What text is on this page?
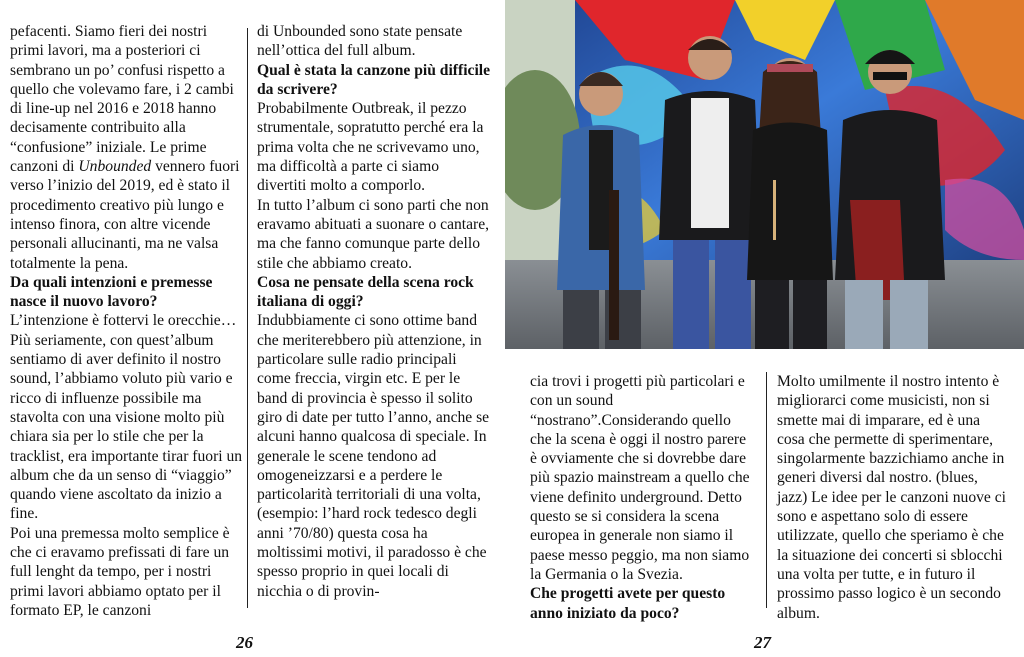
pefacenti. Siamo fieri dei nostri primi lavori, ma a posteriori ci sembrano un po’ confusi rispetto a quello che volevamo fare, i 2 cambi di line-up nel 2016 e 2018 hanno decisamente contribuito alla “confusione” iniziale. Le prime canzoni di Unbounded vennero fuori verso l’inizio del 2019, ed è stato il procedimento creativo più lungo e intenso finora, con altre vicende personali allucinanti, ma ne valsa totalmente la pena.

Da quali intenzioni e premesse nasce il nuovo lavoro?

L’intenzione è fottervi le orecchie… Più seriamente, con quest’album sentiamo di aver definito il nostro sound, l’abbiamo voluto più vario e ricco di influenze possibile ma stavolta con una visione molto più chiara sia per lo stile che per la tracklist, era importante tirar fuori un album che da un senso di “viaggio” quando viene ascoltato da inizio a fine.

Poi una premessa molto semplice è che ci eravamo prefissati di fare un full lenght da tempo, per i nostri primi lavori abbiamo optato per il formato EP, le canzoni

di Unbounded sono state pensate nell’ottica del full album.

Qual è stata la canzone più difficile da scrivere?

Probabilmente Outbreak, il pezzo strumentale, sopratutto perché era la prima volta che ne scrivevamo uno, ma difficoltà a parte ci siamo divertiti molto a comporlo.

In tutto l’album ci sono parti che non eravamo abituati a suonare o cantare, ma che fanno comunque parte dello stile che abbiamo creato.

Cosa ne pensate della scena rock italiana di oggi?

Indubbiamente ci sono ottime band che meriterebbero più attenzione, in particolare sulle radio principali come freccia, virgin etc. E per le band di provincia è spesso il solito giro di date per tutto l’anno, anche se alcuni hanno qualcosa di speciale. In generale le scene tendono ad omogeneizzarsi e a perdere le particolarità territoriali di una volta, (esempio: l’hard rock tedesco degli anni ’70/80) questa cosa ha moltissimi motivi, il paradosso è che spesso proprio in quei locali di nicchia o di provin-

26

cia trovi i progetti più particolari e con un sound “nostrano”.Considerando quello che la scena è oggi il nostro parere è ovviamente che si dovrebbe dare più spazio mainstream a quello che viene definito underground. Detto questo se si considera la scena europea in generale non siamo il paese messo peggio, ma non siamo la Germania o la Svezia.

Che progetti avete per questo anno iniziato da poco?

Molto umilmente il nostro intento è migliorarci come musicisti, non si smette mai di imparare, ed è una cosa che permette di sperimentare, singolarmente bazzichiamo anche in generi diversi dal nostro. (blues, jazz) Le idee per le canzoni nuove ci sono e aspettano solo di essere utilizzate, quello che speriamo è che la situazione dei concerti si sblocchi una volta per tutte, e in futuro il prossimo passo logico è un secondo album.

27
